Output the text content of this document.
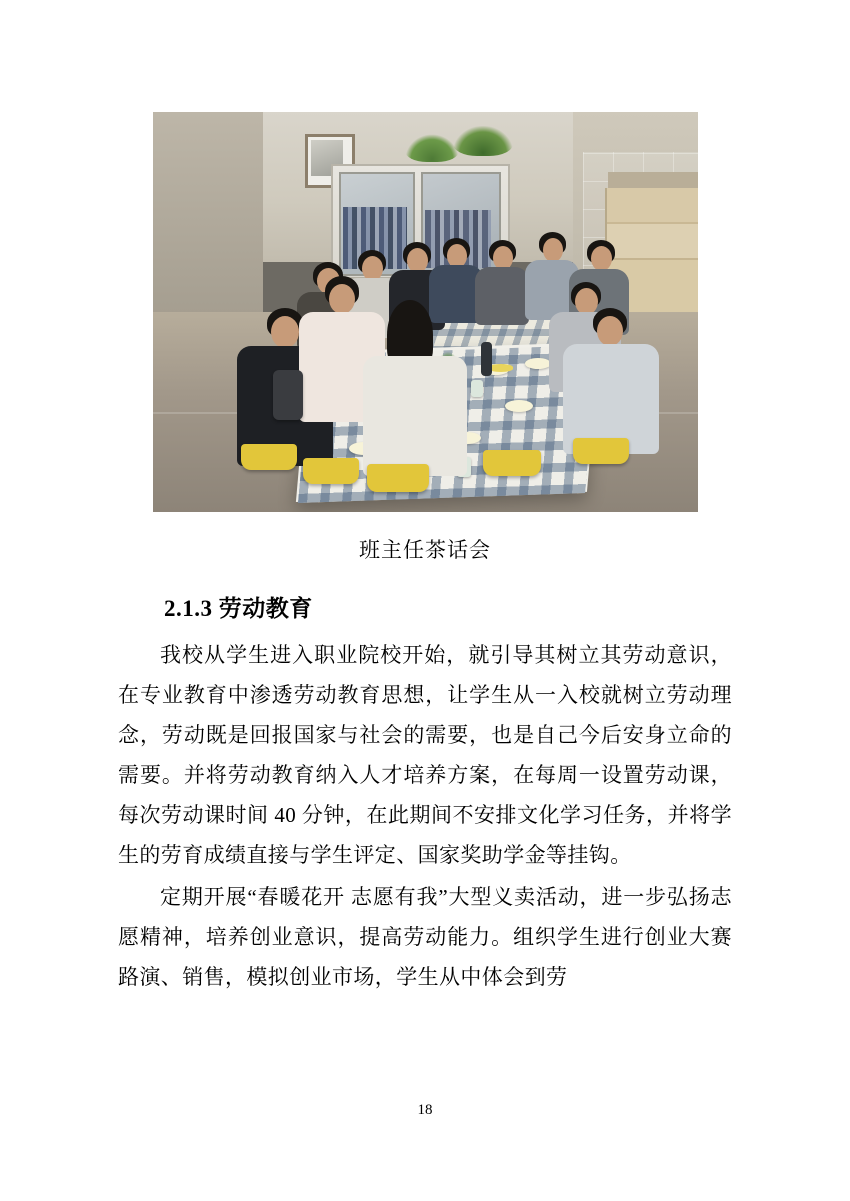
班主任茶话会
2.1.3 劳动教育

我校从学生进入职业院校开始，就引导其树立其劳动意识，在专业教育中渗透劳动教育思想，让学生从一入校就树立劳动理念，劳动既是回报国家与社会的需要，也是自己今后安身立命的需要。并将劳动教育纳入人才培养方案，在每周一设置劳动课，每次劳动课时间 40 分钟，在此期间不安排文化学习任务，并将学生的劳育成绩直接与学生评定、国家奖助学金等挂钩。

定期开展“春暖花开 志愿有我”大型义卖活动，进一步弘扬志愿精神，培养创业意识，提高劳动能力。组织学生进行创业大赛路演、销售，模拟创业市场，学生从中体会到劳

18
